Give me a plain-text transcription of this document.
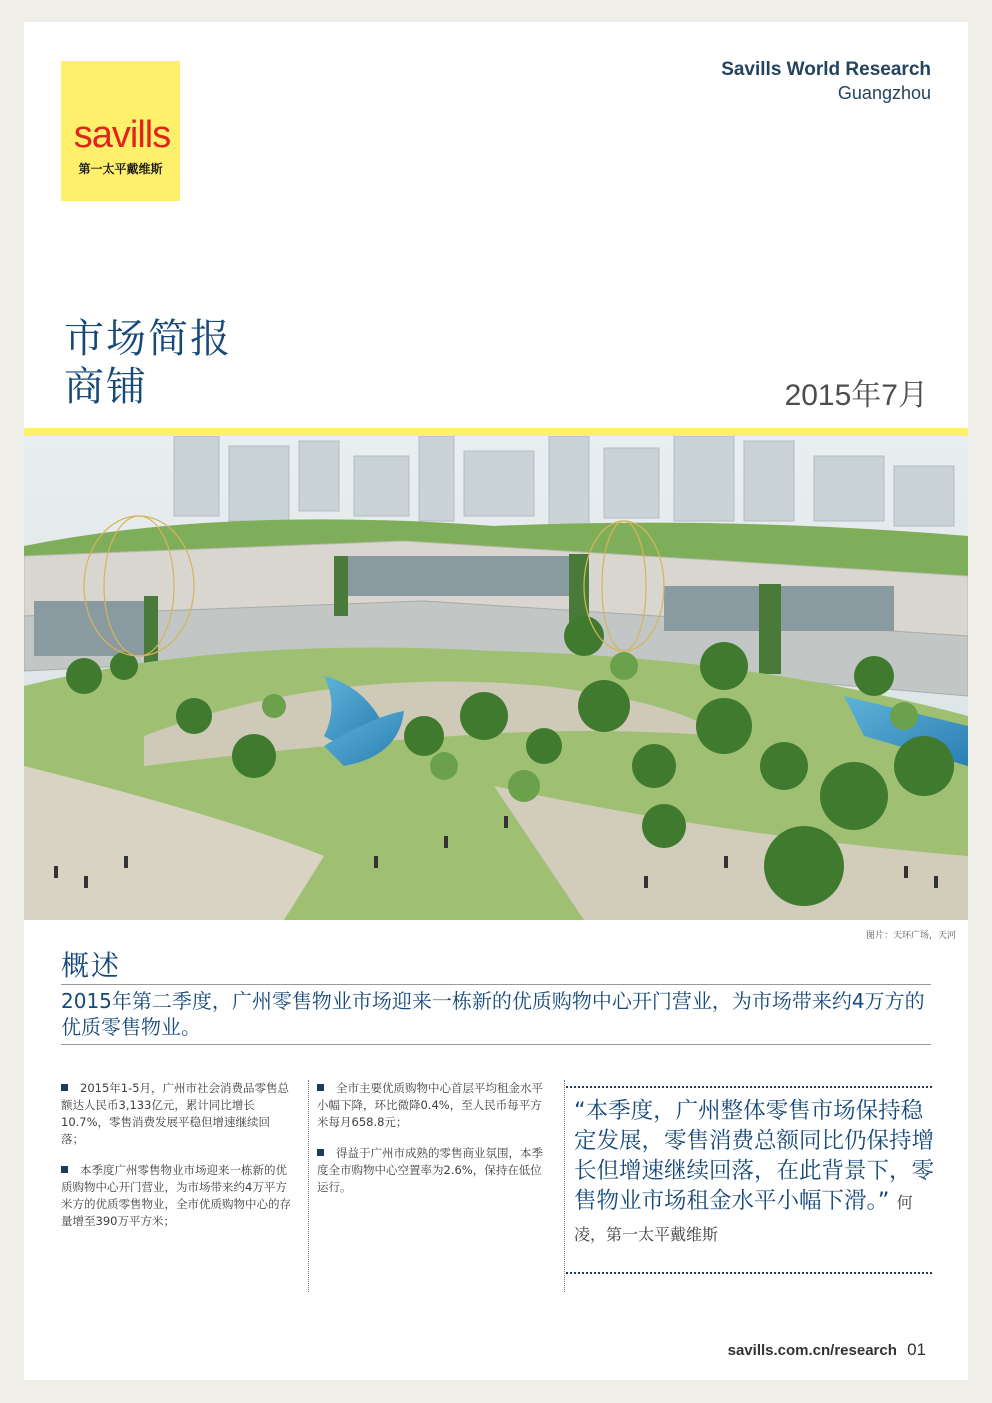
savills
第一太平戴维斯
Savills World Research
Guangzhou
市场简报
商铺	2015年7月
图片：天环广场，天河
概述
2015年第二季度，广州零售物业市场迎来一栋新的优质购物中心开门营业，为市场带来约4万方的优质零售物业。

2015年1-5月，广州市社会消费品零售总额达人民币3,133亿元，累计同比增长10.7%，零售消费发展平稳但增速继续回落；

本季度广州零售物业市场迎来一栋新的优质购物中心开门营业，为市场带来约4万平方米方的优质零售物业，全市优质购物中心的存量增至390万平方米；

全市主要优质购物中心首层平均租金水平小幅下降，环比微降0.4%，至人民币每平方米每月658.8元；

得益于广州市成熟的零售商业氛围，本季度全市购物中心空置率为2.6%，保持在低位运行。

“本季度，广州整体零售市场保持稳定发展，零售消费总额同比仍保持增长但增速继续回落，在此背景下，零售物业市场租金水平小幅下滑。” 何凌，第一太平戴维斯
savills.com.cn/research 01
